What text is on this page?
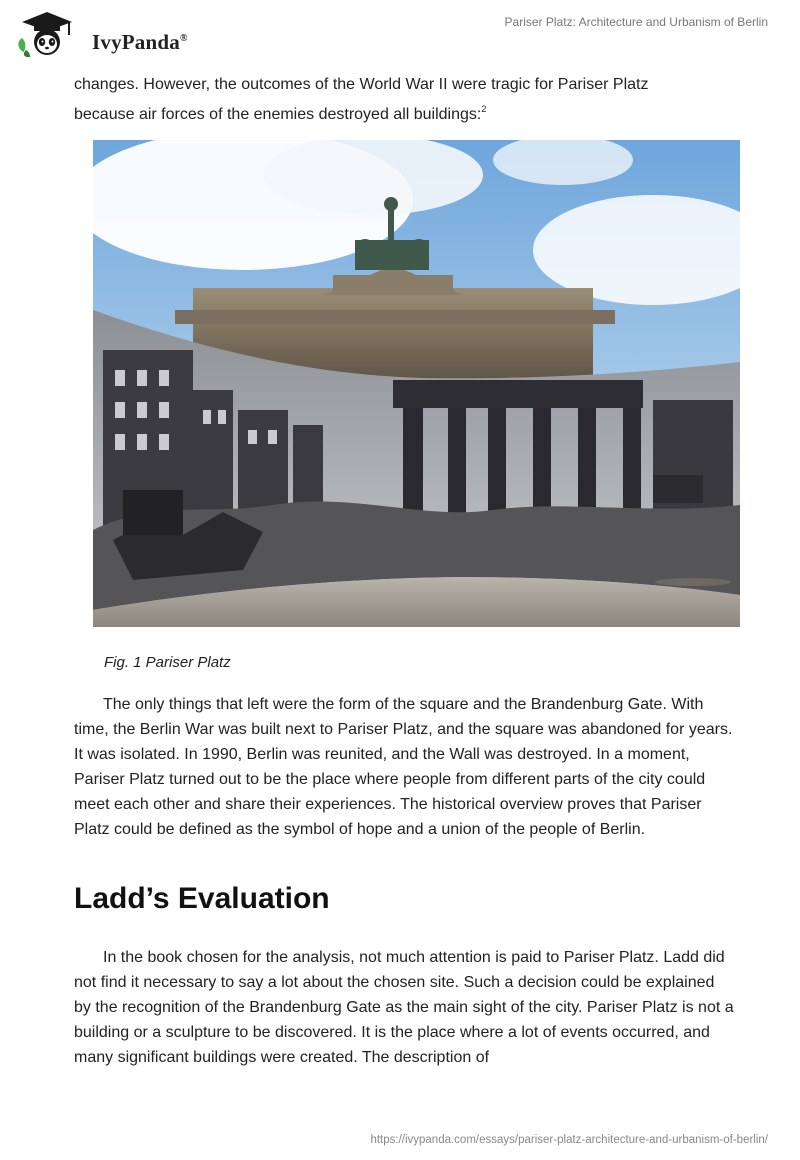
IvyPanda®
Pariser Platz: Architecture and Urbanism of Berlin

changes. However, the outcomes of the World War II were tragic for Pariser Platz
because air forces of the enemies destroyed all buildings:$^2$

Fig. 1 Pariser Platz

The only things that left were the form of the square and the Brandenburg Gate. With time, the Berlin War was built next to Pariser Platz, and the square was abandoned for years. It was isolated. In 1990, Berlin was reunited, and the Wall was destroyed. In a moment, Pariser Platz turned out to be the place where people from different parts of the city could meet each other and share their experiences. The historical overview proves that Pariser Platz could be defined as the symbol of hope and a union of the people of Berlin.

Ladd’s Evaluation

In the book chosen for the analysis, not much attention is paid to Pariser Platz. Ladd did not find it necessary to say a lot about the chosen site. Such a decision could be explained by the recognition of the Brandenburg Gate as the main sight of the city. Pariser Platz is not a building or a sculpture to be discovered. It is the place where a lot of events occurred, and many significant buildings were created. The description of

https://ivypanda.com/essays/pariser-platz-architecture-and-urbanism-of-berlin/
